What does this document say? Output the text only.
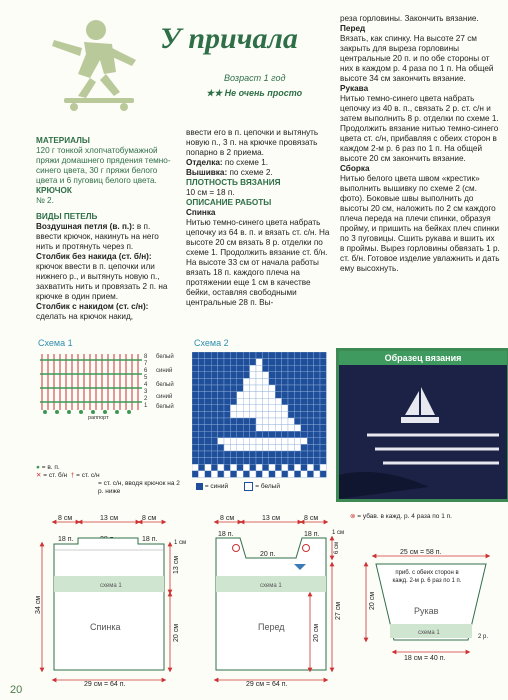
У причала
Возраст 1 год
★★ Не очень просто

МАТЕРИАЛЫ

120 г тонкой хлопчатобумажной пряжи домашнего прядения темно-синего цвета, 30 г пряжи белого цвета и 6 пуговиц белого цвета.

КРЮЧОК

№ 2.

ВИДЫ ПЕТЕЛЬ

Воздушная петля (в. п.): в п. ввести крючок, накинуть на него нить и протянуть через п.

Столбик без накида (ст. б/н): крючок ввести в п. цепочки или нижнего р., и вытянуть новую п., захватить нить и провязать 2 п. на крючке в один прием.

Столбик с накидом (ст. с/н): сделать на крючок накид,

ввести его в п. цепочки и вытянуть новую п., 3 п. на крючке провязать попарно в 2 приема.

Отделка: по схеме 1.

Вышивка: по схеме 2.

ПЛОТНОСТЬ ВЯЗАНИЯ

10 см = 18 п.

ОПИСАНИЕ РАБОТЫ

Спинка

Нитью темно-синего цвета набрать цепочку из 64 в. п. и вязать ст. с/н. На высоте 20 см вязать 8 р. отделки по схеме 1. Продолжить вязание ст. б/н. На высоте 33 см от начала работы вязать 18 п. каждого плеча на протяжении еще 1 см в качестве бейки, оставляя свободными центральные 28 п. Вы-

реза горловины. Закончить вязание.

Перед

Вязать, как спинку. На высоте 27 см закрыть для выреза горловины центральные 20 п. и по обе стороны от них в каждом р. 4 раза по 1 п. На общей высоте 34 см закончить вязание.

Рукава

Нитью темно-синего цвета набрать цепочку из 40 в. п., связать 2 р. ст. с/н и затем выполнить 8 р. отделки по схеме 1. Продолжить вязание нитью темно-синего цвета ст. с/н, прибавляя с обеих сторон в каждом 2-м р. 6 раз по 1 п. На общей высоте 20 см закончить вязание.

Сборка

Нитью белого цвета швом «крестик» выполнить вышивку по схеме 2 (см. фото). Боковые швы выполнить до высоты 20 см, наложить по 2 см каждого плеча переда на плечи спинки, образуя пройму, и пришить на бейках плеч спинки по 3 пуговицы. Сшить рукава и вшить их в проймы. Вырез горловины обвязать 1 р. ст. б/н. Готовое изделие увлажнить и дать ему высохнуть.

Схема 1
8
7
6
5
4
3
2
1
белый
синий
белый
синий
белый
раппорт
● = в. п.
✕ = ст. б/н † = ст. с/н
= ст. с/н, вводя крючок на 2 р. ниже
Схема 2
= синий	= белый
Образец вязания
⊗ = убав. в кажд. р. 4 раза по 1 п.
8 см	13 см	8 см
18 п.	18 п.
схема 1
Спинка
34 см
13 см
20 см
1 см
29 см = 64 п.
8 см	13 см	8 см
18 п.
20 п.
18 п.
схема 1
Перед
6 см
27 см
20 см
1 см
29 см = 64 п.
25 см = 58 п.
схема 1
Рукав
20 см
2 р.
18 см = 40 п.
приб. с обеих сторон в кажд. 2-м р. 6 раз по 1 п.
20
